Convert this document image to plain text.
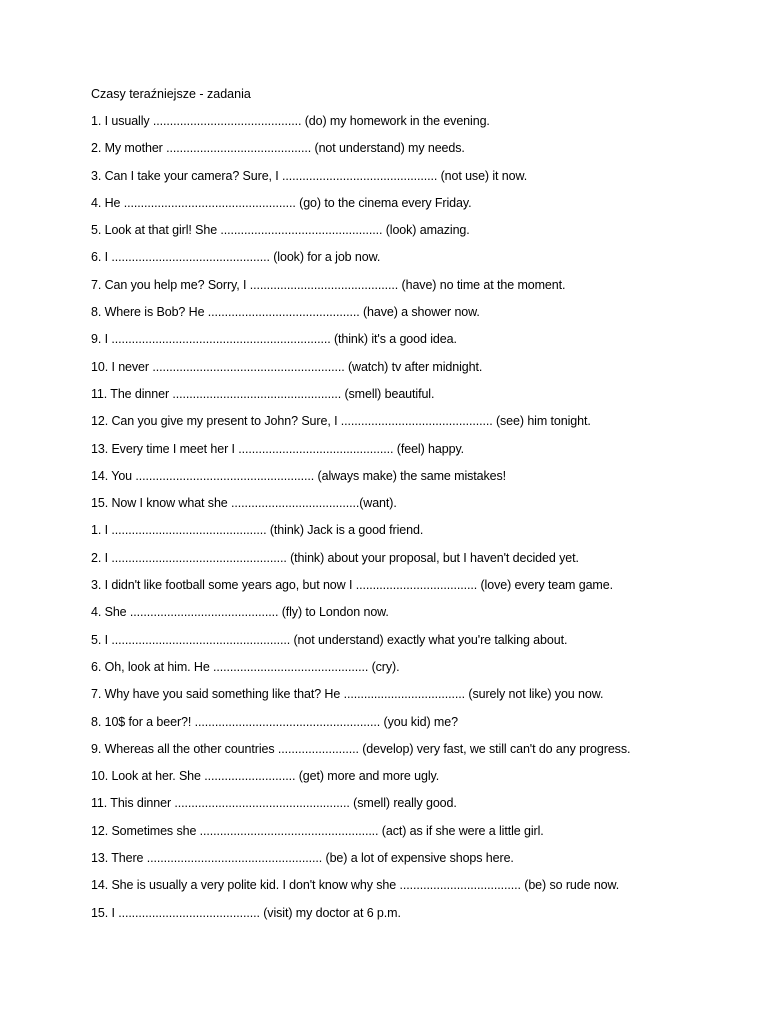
Czasy teraźniejsze - zadania
1. I usually ............................................ (do) my homework in the evening.
2. My mother ........................................... (not understand) my needs.
3. Can I take your camera? Sure, I .............................................. (not use) it now.
4. He ................................................... (go) to the cinema every Friday.
5. Look at that girl! She ................................................ (look) amazing.
6. I ............................................... (look) for a job now.
7. Can you help me? Sorry, I ............................................ (have) no time at the moment.
8. Where is Bob? He ............................................. (have) a shower now.
9. I ................................................................. (think) it's a good idea.
10. I never ......................................................... (watch) tv after midnight.
11. The dinner .................................................. (smell) beautiful.
12. Can you give my present to John? Sure, I ............................................. (see) him tonight.
13. Every time I meet her I .............................................. (feel) happy.
14. You ..................................................... (always make) the same mistakes!
15. Now I know what she ......................................(want).
1. I .............................................. (think) Jack is a good friend.
2. I .................................................... (think) about your proposal, but I haven't decided yet.
3. I didn't like football some years ago, but now I .................................... (love) every team game.
4. She ............................................ (fly) to London now.
5. I ..................................................... (not understand) exactly what you're talking about.
6. Oh, look at him. He .............................................. (cry).
7. Why have you said something like that? He .................................... (surely not like) you now.
8. 10$ for a beer?! ....................................................... (you kid) me?
9. Whereas all the other countries ........................ (develop) very fast, we still can't do any progress.
10. Look at her. She ........................... (get) more and more ugly.
11. This dinner .................................................... (smell) really good.
12. Sometimes she ..................................................... (act) as if she were a little girl.
13. There .................................................... (be) a lot of expensive shops here.
14. She is usually a very polite kid. I don't know why she .................................... (be) so rude now.
15. I .......................................... (visit) my doctor at 6 p.m.
